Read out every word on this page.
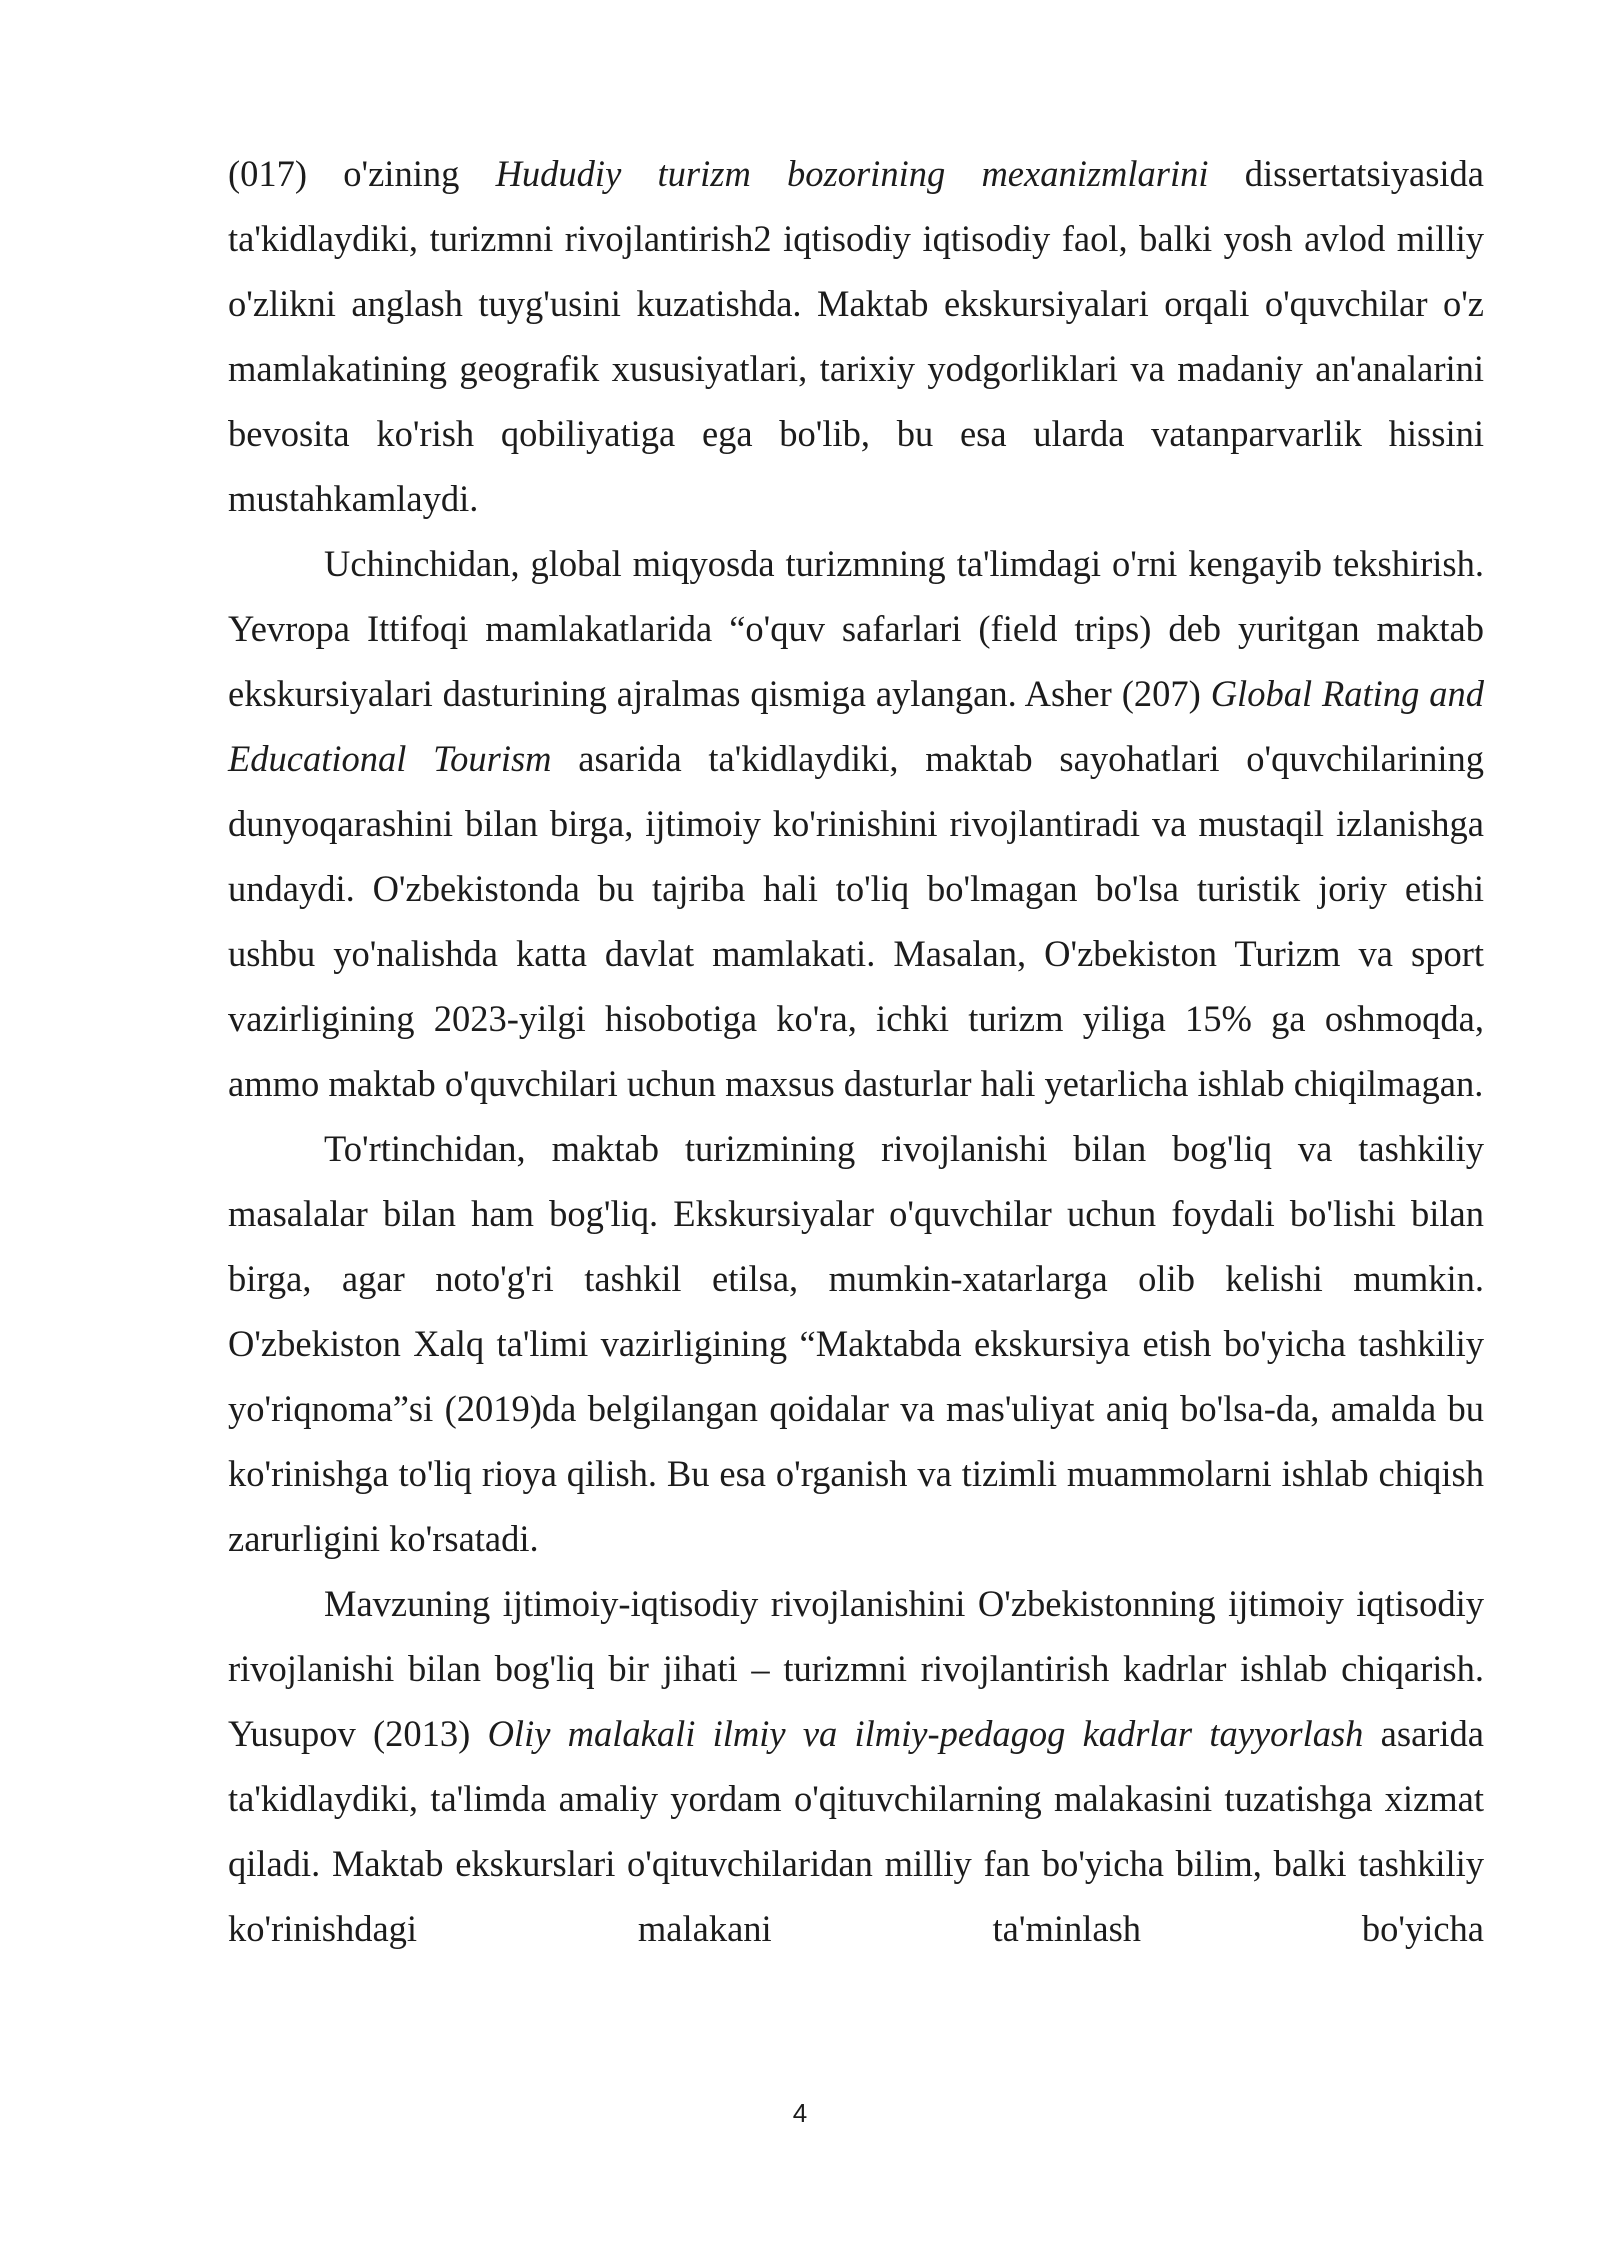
(017) o'zining Hududiy turizm bozorining mexanizmlarini dissertatsiyasida ta'kidlaydiki, turizmni rivojlantirish2 iqtisodiy iqtisodiy faol, balki yosh avlod milliy o'zlikni anglash tuyg'usini kuzatishda. Maktab ekskursiyalari orqali o'quvchilar o'z mamlakatining geografik xususiyatlari, tarixiy yodgorliklari va madaniy an'analarini bevosita ko'rish qobiliyatiga ega bo'lib, bu esa ularda vatanparvarlik hissini mustahkamlaydi.

Uchinchidan, global miqyosda turizmning ta'limdagi o'rni kengayib tekshirish. Yevropa Ittifoqi mamlakatlarida “o'quv safarlari (field trips) deb yuritgan maktab ekskursiyalari dasturining ajralmas qismiga aylangan. Asher (207) Global Rating and Educational Tourism asarida ta'kidlaydiki, maktab sayohatlari o'quvchilarining dunyoqarashini bilan birga, ijtimoiy ko'rinishini rivojlantiradi va mustaqil izlanishga undaydi. O'zbekistonda bu tajriba hali to'liq bo'lmagan bo'lsa turistik joriy etishi ushbu yo'nalishda katta davlat mamlakati. Masalan, O'zbekiston Turizm va sport vazirligining 2023-yilgi hisobotiga ko'ra, ichki turizm yiliga 15% ga oshmoqda, ammo maktab o'quvchilari uchun maxsus dasturlar hali yetarlicha ishlab chiqilmagan.

To'rtinchidan, maktab turizmining rivojlanishi bilan bog'liq va tashkiliy masalalar bilan ham bog'liq. Ekskursiyalar o'quvchilar uchun foydali bo'lishi bilan birga, agar noto'g'ri tashkil etilsa, mumkin-xatarlarga olib kelishi mumkin. O'zbekiston Xalq ta'limi vazirligining “Maktabda ekskursiya etish bo'yicha tashkiliy yo'riqnoma”si (2019)da belgilangan qoidalar va mas'uliyat aniq bo'lsa-da, amalda bu ko'rinishga to'liq rioya qilish. Bu esa o'rganish va tizimli muammolarni ishlab chiqish zarurligini ko'rsatadi.

Mavzuning ijtimoiy-iqtisodiy rivojlanishini O'zbekistonning ijtimoiy iqtisodiy rivojlanishi bilan bog'liq bir jihati – turizmni rivojlantirish kadrlar ishlab chiqarish. Yusupov (2013) Oliy malakali ilmiy va ilmiy-pedagog kadrlar tayyorlash asarida ta'kidlaydiki, ta'limda amaliy yordam o'qituvchilarning malakasini tuzatishga xizmat qiladi. Maktab ekskurslari o'qituvchilaridan milliy fan bo'yicha bilim, balki tashkiliy ko'rinishdagi malakani ta'minlash bo'yicha

4
